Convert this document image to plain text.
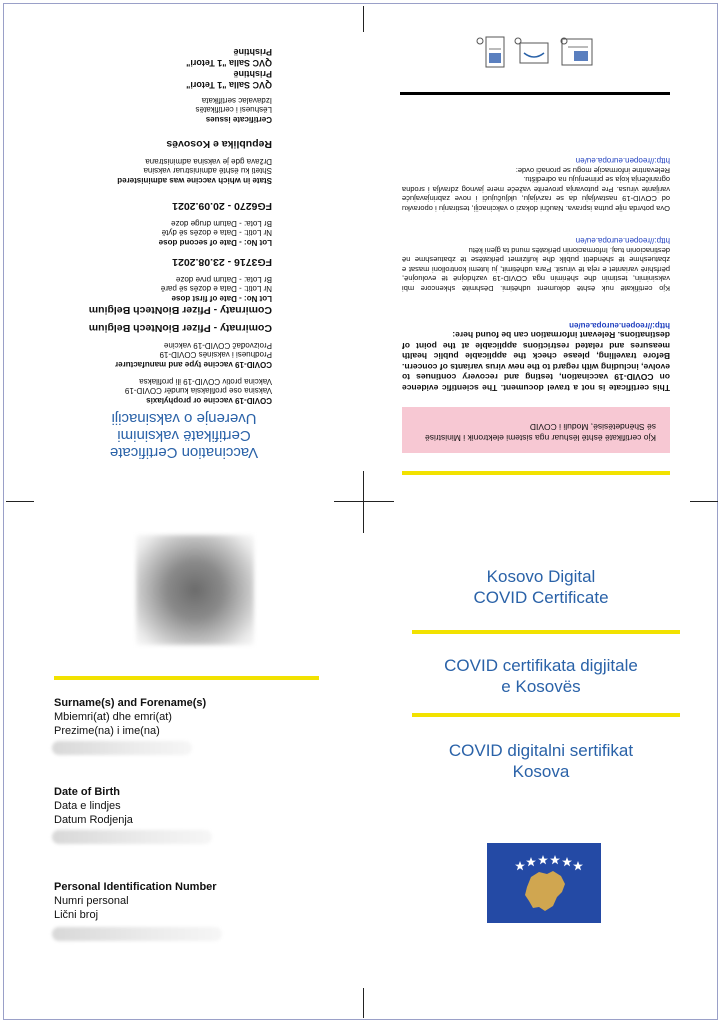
Vaccination Certificate
Certifikatë vaksinimi
Uverenje o vaksinaciji
COVID-19 vaccine or prophylaxis
Vaksina ose profilaksia kundër COVID-19
Vakcina protiv COVID-19 ili profilaksa
COVID-19 vaccine type and manufacturer
Prodhuesi i vaksinës COVID-19
Proizvođač COVID-19 vakcine
Comirnaty - Pfizer BioNtech Belgium
Comirnaty - Pfizer BioNtech Belgium
Lot No: - Date of first dose
Nr Lotit: - Data e dozës së parë
Br Lota: - Datum prve doze
FG3716 - 23.08.2021
Lot No: - Date of second dose
Nr Lotit: - Data e dozës së dytë
Br Lota: - Datum druge doze
FG6270 - 20.09.2021
State in which vaccine was administered
Shteti ku është administruar vaksina
Država gde je vaksina administrana
Republika e Kosovës
Certificate issues
Lëshuesi i certifikatës
Izdavalac sertifikata
QVC Salla "1 Tetori"
Prishtinë
QVC Salla "1 Tetori"
Prishtinë
Kjo certifikatë është lëshuar nga sistemi elektronik i Ministrisë së Shëndetësisë, Moduli i COVID
This certificate is not a travel document. The scientific evidence on COVID-19 vaccination, testing and recovery continues to evolve, including with regard to the new virus variants of concern. Before travelling, please check the applicable public health measures and related restrictions applicable at the point of destinations. Relevant information can be found here:
http://reopen.europa.eu/en
Kjo certifikatë nuk është dokument udhëtimi. Dëshmitë shkencore mbi vaksinimin, testimin dhe shërimin nga COVID-19 vazhdojnë të evoluojnë, përfshirë variantet e reja të virusit. Para udhëtimit, ju lutemi kontrolloni masat e zbatueshme të shëndetit publik dhe kufizimet përkatëse të zbatueshme në destinacionin tuaj. Informacionin përkatës mund ta gjeni këtu
http://reopen.europa.eu/en
Ova potvrda nije putna isprava. Naučni dokazi o vakcinaciji, testiranju i oporavku od COVID-19 nastavljaju da se razvijaju, uključujući i nove zabrinjavajuće varijante virusa. Pre putovanja proverite važeće mere javnog zdravlja i srodna ograničenja koja se primenjuju na odredištu.
Relevantne informacije mogu se pronaći ovde:
http://reopen.europa.eu/en
Surname(s) and Forename(s)
Mbiemri(at) dhe emri(at)
Prezime(na) i ime(na)
Date of Birth
Data e lindjes
Datum Rodjenja
Personal Identification Number
Numri personal
Lični broj
Kosovo Digital
COVID Certificate
COVID certifikata digjitale
e Kosovës
COVID digitalni sertifikat
Kosova
